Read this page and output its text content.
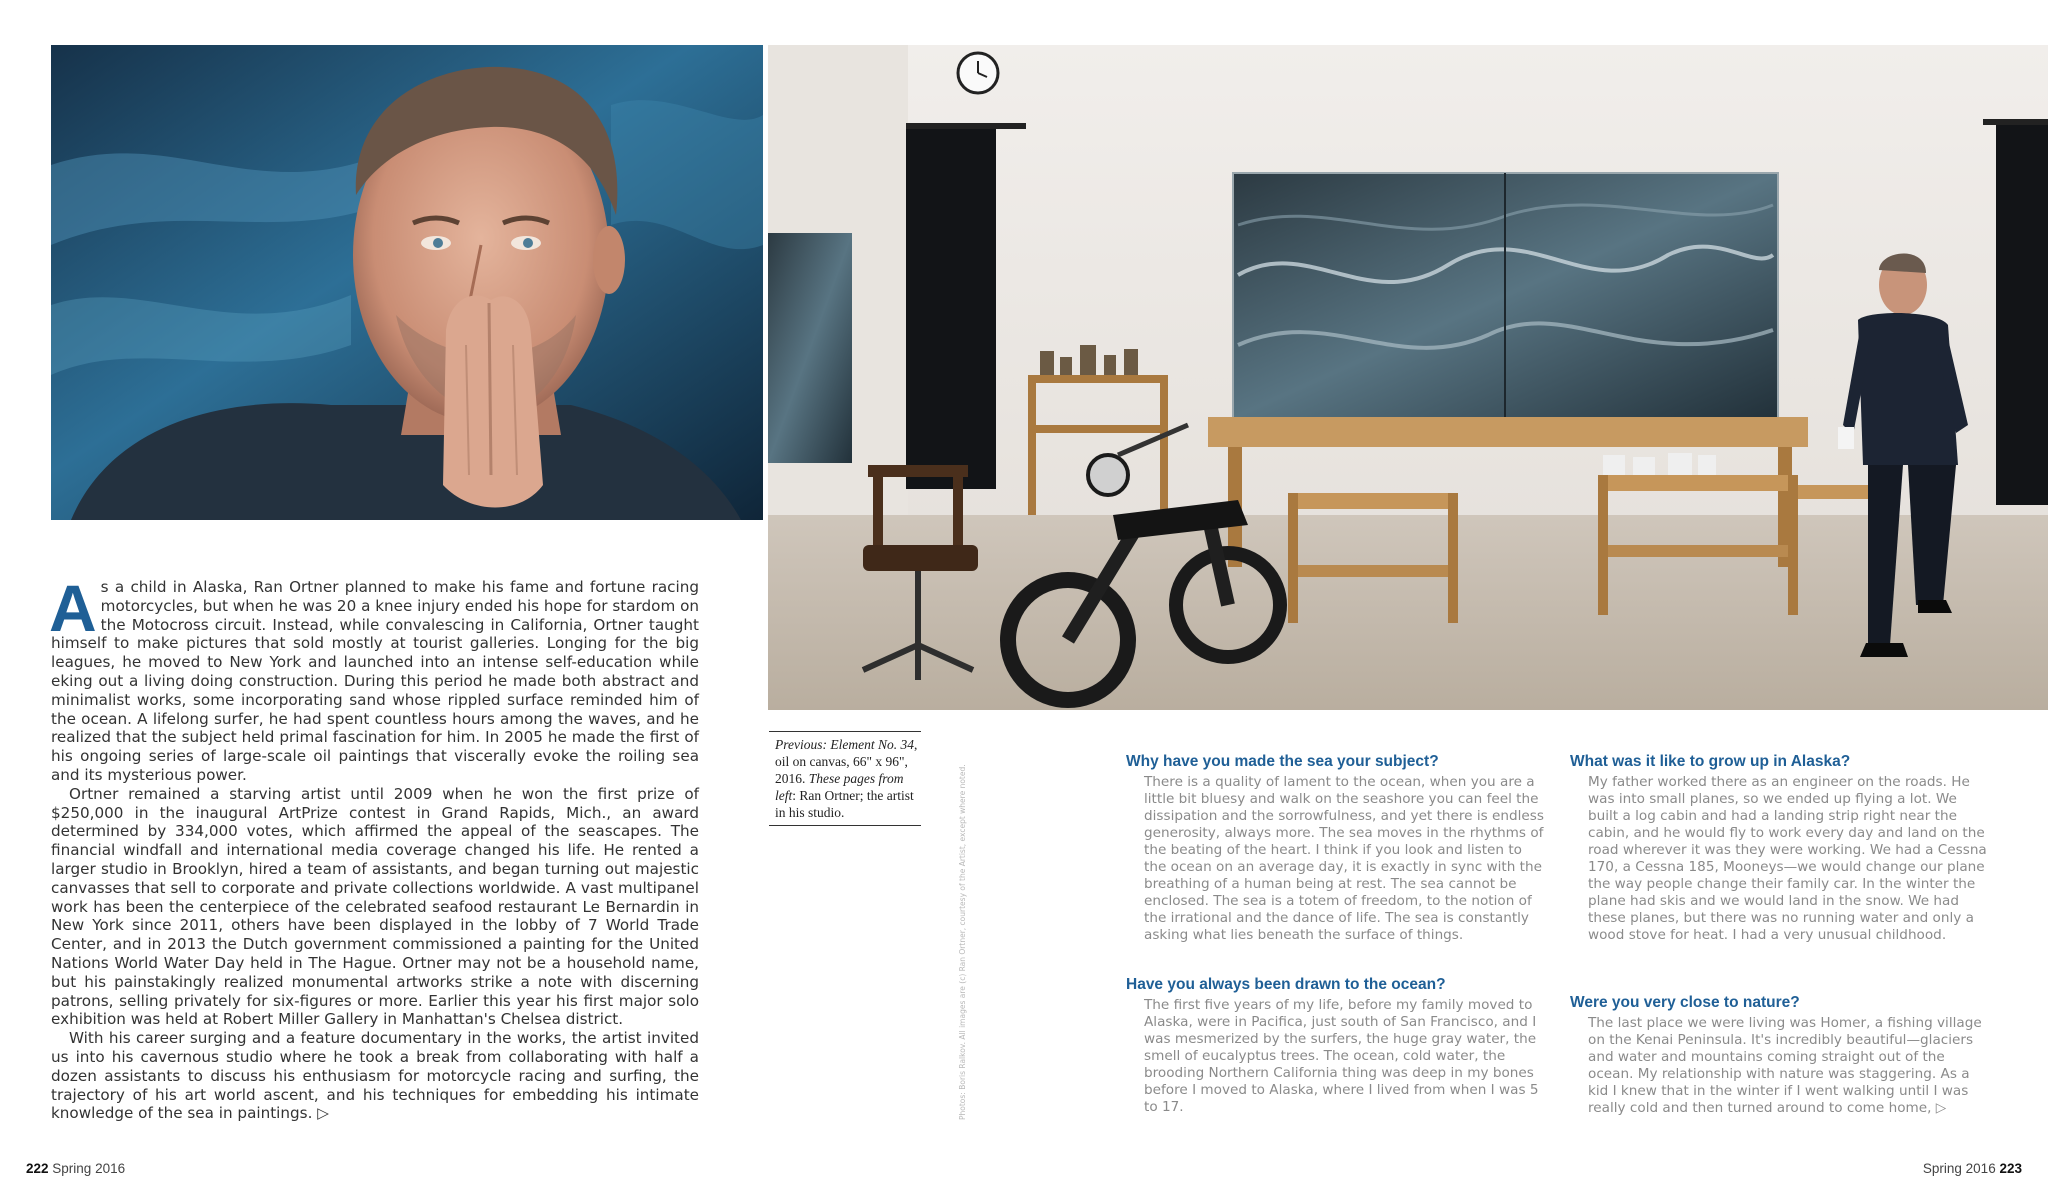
As a child in Alaska, Ran Ortner planned to make his fame and fortune racing motorcycles, but when he was 20 a knee injury ended his hope for stardom on the Motocross circuit. Instead, while convalescing in California, Ortner taught himself to make pictures that sold mostly at tourist galleries. Longing for the big leagues, he moved to New York and launched into an intense self-education while eking out a living doing construction. During this period he made both abstract and minimalist works, some incorporating sand whose rippled surface reminded him of the ocean. A lifelong surfer, he had spent countless hours among the waves, and he realized that the subject held primal fascination for him. In 2005 he made the first of his ongoing series of large-scale oil paintings that viscerally evoke the roiling sea and its mysterious power.

Ortner remained a starving artist until 2009 when he won the first prize of $250,000 in the inaugural ArtPrize contest in Grand Rapids, Mich., an award determined by 334,000 votes, which affirmed the appeal of the seascapes. The financial windfall and international media coverage changed his life. He rented a larger studio in Brooklyn, hired a team of assistants, and began turning out majestic canvasses that sell to corporate and private collections worldwide. A vast multipanel work has been the centerpiece of the celebrated seafood restaurant Le Bernardin in New York since 2011, others have been displayed in the lobby of 7 World Trade Center, and in 2013 the Dutch government commissioned a painting for the United Nations World Water Day held in The Hague. Ortner may not be a household name, but his painstakingly realized monumental artworks strike a note with discerning patrons, selling privately for six-figures or more. Earlier this year his first major solo exhibition was held at Robert Miller Gallery in Manhattan's Chelsea district.

With his career surging and a feature documentary in the works, the artist invited us into his cavernous studio where he took a break from collaborating with half a dozen assistants to discuss his enthusiasm for motorcycle racing and surfing, the trajectory of his art world ascent, and his techniques for embedding his intimate knowledge of the sea in paintings. ▷

Previous: Element No. 34, oil on canvas, 66" x 96", 2016. These pages from left: Ran Ortner; the artist in his studio.	Photos: Boris Ralkov. All images are (c) Ran Ortner, courtesy of the Artist, except where noted.
Why have you made the sea your subject?

There is a quality of lament to the ocean, when you are a little bit bluesy and walk on the seashore you can feel the dissipation and the sorrowfulness, and yet there is endless generosity, always more. The sea moves in the rhythms of the beating of the heart. I think if you look and listen to the ocean on an average day, it is exactly in sync with the breathing of a human being at rest. The sea cannot be enclosed. The sea is a totem of freedom, to the notion of the irrational and the dance of life. The sea is constantly asking what lies beneath the surface of things.

Have you always been drawn to the ocean?

The first five years of my life, before my family moved to Alaska, were in Pacifica, just south of San Francisco, and I was mesmerized by the surfers, the huge gray water, the smell of eucalyptus trees. The ocean, cold water, the brooding Northern California thing was deep in my bones before I moved to Alaska, where I lived from when I was 5 to 17.

What was it like to grow up in Alaska?

My father worked there as an engineer on the roads. He was into small planes, so we ended up flying a lot. We built a log cabin and had a landing strip right near the cabin, and he would fly to work every day and land on the road wherever it was they were working. We had a Cessna 170, a Cessna 185, Mooneys—we would change our plane the way people change their family car. In the winter the plane had skis and we would land in the snow. We had these planes, but there was no running water and only a wood stove for heat. I had a very unusual childhood.

Were you very close to nature?

The last place we were living was Homer, a fishing village on the Kenai Peninsula. It's incredibly beautiful—glaciers and water and mountains coming straight out of the ocean. My relationship with nature was staggering. As a kid I knew that in the winter if I went walking until I was really cold and then turned around to come home, ▷

222 Spring 2016	Spring 2016 223
